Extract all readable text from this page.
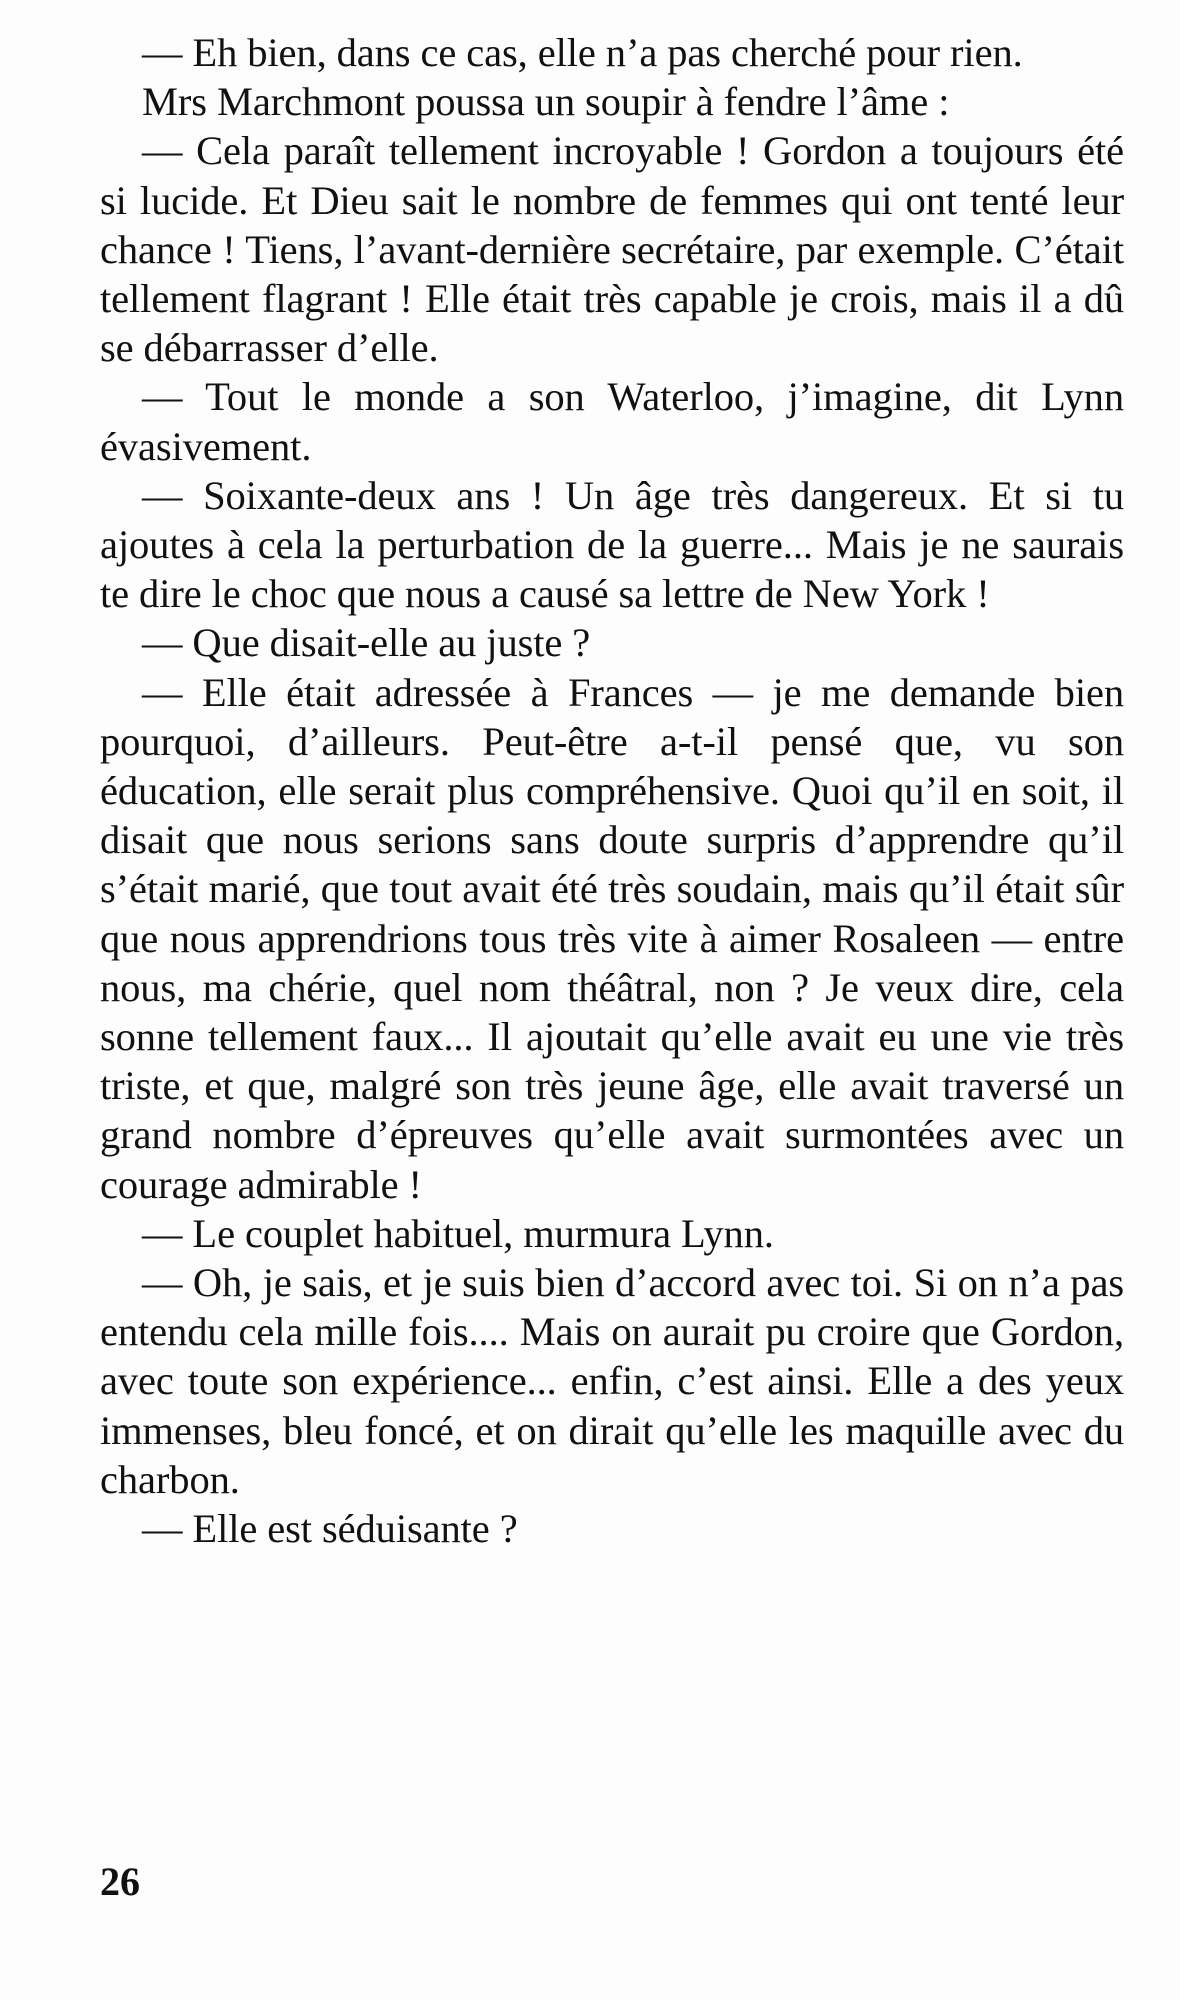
— Eh bien, dans ce cas, elle n’a pas cherché pour rien.

Mrs Marchmont poussa un soupir à fendre l’âme :

— Cela paraît tellement incroyable ! Gordon a toujours été si lucide. Et Dieu sait le nombre de femmes qui ont tenté leur chance ! Tiens, l’avant-dernière secrétaire, par exemple. C’était tellement flagrant ! Elle était très capable je crois, mais il a dû se débarrasser d’elle.

— Tout le monde a son Waterloo, j’imagine, dit Lynn évasivement.

— Soixante-deux ans ! Un âge très dangereux. Et si tu ajoutes à cela la perturbation de la guerre... Mais je ne saurais te dire le choc que nous a causé sa lettre de New York !

— Que disait-elle au juste ?

— Elle était adressée à Frances — je me demande bien pourquoi, d’ailleurs. Peut-être a-t-il pensé que, vu son éducation, elle serait plus compréhensive. Quoi qu’il en soit, il disait que nous serions sans doute surpris d’apprendre qu’il s’était marié, que tout avait été très soudain, mais qu’il était sûr que nous apprendrions tous très vite à aimer Rosaleen — entre nous, ma chérie, quel nom théâtral, non ? Je veux dire, cela sonne tellement faux... Il ajoutait qu’elle avait eu une vie très triste, et que, malgré son très jeune âge, elle avait traversé un grand nombre d’épreuves qu’elle avait surmontées avec un courage admirable !

— Le couplet habituel, murmura Lynn.

— Oh, je sais, et je suis bien d’accord avec toi. Si on n’a pas entendu cela mille fois.... Mais on aurait pu croire que Gordon, avec toute son expérience... enfin, c’est ainsi. Elle a des yeux immenses, bleu foncé, et on dirait qu’elle les maquille avec du charbon.

— Elle est séduisante ?

26
